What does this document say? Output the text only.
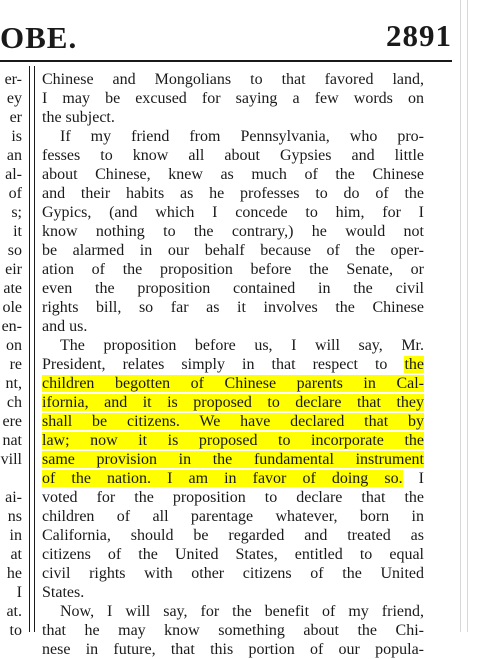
OBE.	2891
er-
ey
er
is
an
al-
of
s;
it
so
eir
ate
ole
en-
on
re
nt,
ch
ere
nat
vill
ai-
ns
in
at
he
I
at.
to
Chinese and Mongolians to that favored land,
I may be excused for saying a few words on
the subject.
If my friend from Pennsylvania, who pro-
fesses to know all about Gypsies and little
about Chinese, knew as much of the Chinese
and their habits as he professes to do of the
Gypics, (and which I concede to him, for I
know nothing to the contrary,) he would not
be alarmed in our behalf because of the oper-
ation of the proposition before the Senate, or
even the proposition contained in the civil
rights bill, so far as it involves the Chinese
and us.
The proposition before us, I will say, Mr.
President, relates simply in that respect to the
children begotten of Chinese parents in Cal-
ifornia, and it is proposed to declare that they
shall be citizens. We have declared that by
law; now it is proposed to incorporate the
same provision in the fundamental instrument
of the nation. I am in favor of doing so. I
voted for the proposition to declare that the
children of all parentage whatever, born in
California, should be regarded and treated as
citizens of the United States, entitled to equal
civil rights with other citizens of the United
States.
Now, I will say, for the benefit of my friend,
that he may know something about the Chi-
nese in future, that this portion of our popula-
